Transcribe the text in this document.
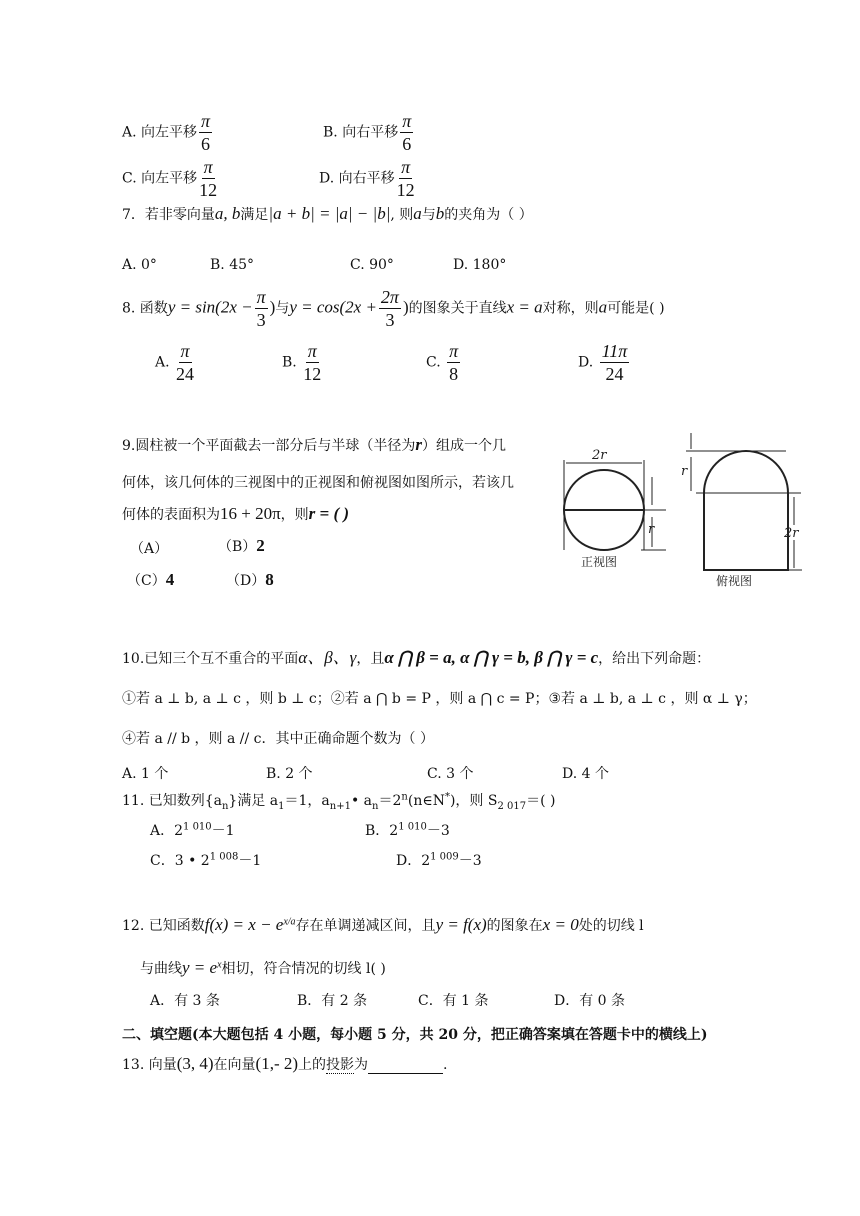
A. 向左平移 $\frac{\pi}{6}$	B. 向右平移 $\frac{\pi}{6}$
C. 向左平移 $\frac{\pi}{12}$	D. 向右平移 $\frac{\pi}{12}$
7．若非零向量a, b满足|a + b| = |a| − |b|, 则a与b的夹角为（ ）
A. 0°	B. 45°	C. 90°	D. 180°
8. 函数$y = \sin(2x - \frac{\pi}{3}$ )与$y = \cos(2x + \frac{2\pi}{3}$ )的图象关于直线x = a对称，则a可能是( )
A. $\frac{\pi}{24}$	B. $\frac{\pi}{12}$	C. $\frac{\pi}{8}$	D. $\frac{11\pi}{24}$
9.圆柱被一个平面截去一部分后与半球（半径为r）组成一个几
何体，该几何体的三视图中的正视图和俯视图如图所示，若该几
何体的表面积为16 + 20π，则r = ( )
（A）	（B）2
（C）4	（D）8
2r
r
r
2r
正视图
俯视图
10.已知三个互不重合的平面α、β、γ，且α ⋂ β = a, α ⋂ γ = b, β ⋂ γ = c，给出下列命题：
①若 a ⊥ b, a ⊥ c ，则 b ⊥ c；②若 a ⋂ b = P ，则 a ⋂ c = P；③若 a ⊥ b, a ⊥ c ，则 α ⊥ γ；
④若 a // b ，则 a // c．其中正确命题个数为（ ）
A. 1 个	B. 2 个	C. 3 个	D. 4 个
11. 已知数列$\{a_n\}$满足 $a_1=1$，$a_{n+1}•$ $a_n=2^n(n\in N^*)$，则 $S_{2 017}=$( )
A．$2^{1 010}-1$	B．$2^{1 010}-3$
C．3 • $2^{1 008}-1$	D．$2^{1 009}-3$
12. 已知函数$f(x) = x - e^{x/a}$存在单调递减区间，且y = f(x)的图象在x = 0处的切线 l
与曲线$y = e^x$相切，符合情况的切线 l( )
A．有 3 条	B．有 2 条	C．有 1 条	D．有 0 条
二、填空题(本大题包括 4 小题，每小题 5 分，共 20 分，把正确答案填在答题卡中的横线上)
13. 向量(3, 4)在向量(1,- 2)上的投影为	.
